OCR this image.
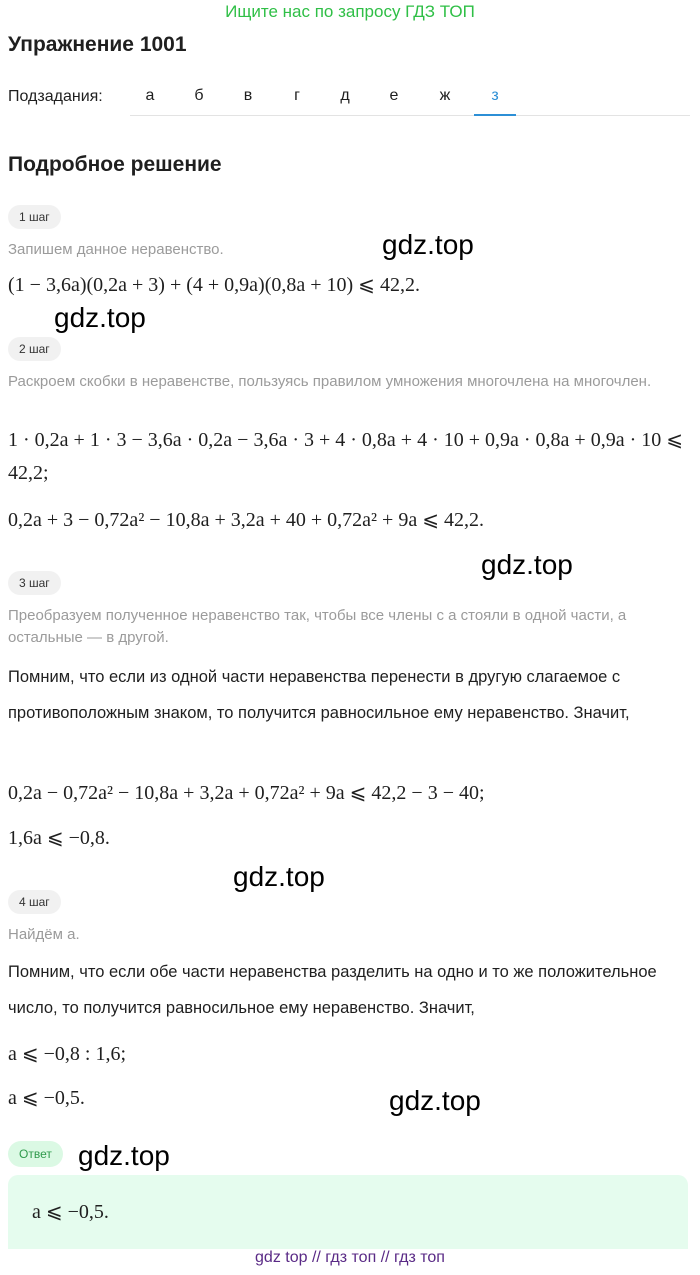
Ищите нас по запросу ГДЗ ТОП
Упражнение 1001
Подзадания:	а	б	в	г	д	е	ж	з
Подробное решение
1 шаг
Запишем данное неравенство.
(1 − 3,6a)(0,2a + 3) + (4 + 0,9a)(0,8a + 10) ⩽ 42,2.
2 шаг
Раскроем скобки в неравенстве, пользуясь правилом умножения многочлена на многочлен.
1 · 0,2a + 1 · 3 − 3,6a · 0,2a − 3,6a · 3 + 4 · 0,8a + 4 · 10 + 0,9a · 0,8a + 0,9a · 10 ⩽ 42,2;
0,2a + 3 − 0,72a² − 10,8a + 3,2a + 40 + 0,72a² + 9a ⩽ 42,2.
3 шаг
Преобразуем полученное неравенство так, чтобы все члены с a стояли в одной части, а остальные — в другой.
Помним, что если из одной части неравенства перенести в другую слагаемое с противоположным знаком, то получится равносильное ему неравенство. Значит,
0,2a − 0,72a² − 10,8a + 3,2a + 0,72a² + 9a ⩽ 42,2 − 3 − 40;
1,6a ⩽ −0,8.
4 шаг
Найдём a.
Помним, что если обе части неравенства разделить на одно и то же положительное число, то получится равносильное ему неравенство. Значит,
a ⩽ −0,8 : 1,6;
a ⩽ −0,5.
Ответ
a ⩽ −0,5.
gdz.top
gdz.top
gdz.top
gdz.top
gdz.top
gdz.top
gdz top // гдз топ // гдз топ
